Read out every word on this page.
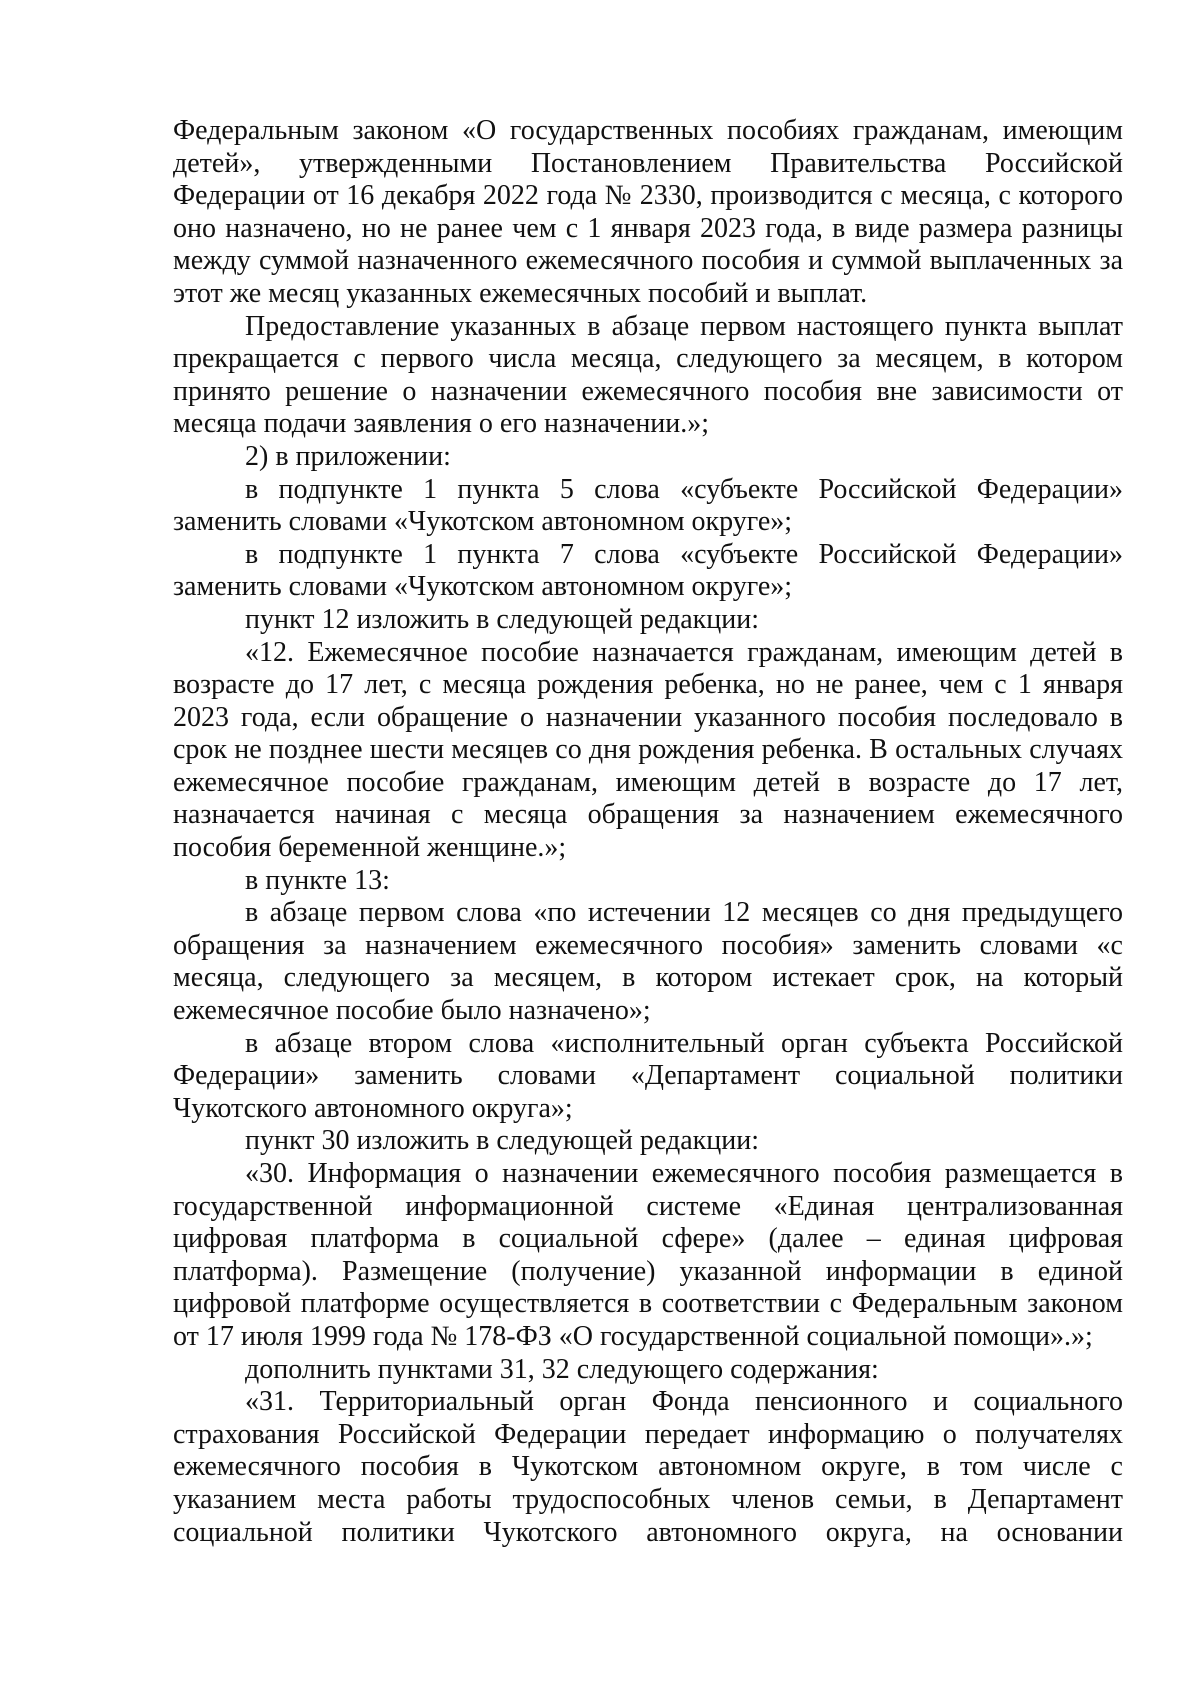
Федеральным законом «О государственных пособиях гражданам, имеющим детей», утвержденными Постановлением Правительства Российской Федерации от 16 декабря 2022 года № 2330, производится с месяца, с которого оно назначено, но не ранее чем с 1 января 2023 года, в виде размера разницы между суммой назначенного ежемесячного пособия и суммой выплаченных за этот же месяц указанных ежемесячных пособий и выплат.

Предоставление указанных в абзаце первом настоящего пункта выплат прекращается с первого числа месяца, следующего за месяцем, в котором принято решение о назначении ежемесячного пособия вне зависимости от месяца подачи заявления о его назначении.»;

2) в приложении:

в подпункте 1 пункта 5 слова «субъекте Российской Федерации» заменить словами «Чукотском автономном округе»;

в подпункте 1 пункта 7 слова «субъекте Российской Федерации» заменить словами «Чукотском автономном округе»;

пункт 12 изложить в следующей редакции:

«12. Ежемесячное пособие назначается гражданам, имеющим детей в возрасте до 17 лет, с месяца рождения ребенка, но не ранее, чем с 1 января 2023 года, если обращение о назначении указанного пособия последовало в срок не позднее шести месяцев со дня рождения ребенка. В остальных случаях ежемесячное пособие гражданам, имеющим детей в возрасте до 17 лет, назначается начиная с месяца обращения за назначением ежемесячного пособия беременной женщине.»;

в пункте 13:

в абзаце первом слова «по истечении 12 месяцев со дня предыдущего обращения за назначением ежемесячного пособия» заменить словами «с месяца, следующего за месяцем, в котором истекает срок, на который ежемесячное пособие было назначено»;

в абзаце втором слова «исполнительный орган субъекта Российской Федерации» заменить словами «Департамент социальной политики Чукотского автономного округа»;

пункт 30 изложить в следующей редакции:

«30. Информация о назначении ежемесячного пособия размещается в государственной информационной системе «Единая централизованная цифровая платформа в социальной сфере» (далее – единая цифровая платформа). Размещение (получение) указанной информации в единой цифровой платформе осуществляется в соответствии с Федеральным законом от 17 июля 1999 года № 178-ФЗ «О государственной социальной помощи».»;

дополнить пунктами 31, 32 следующего содержания:

«31. Территориальный орган Фонда пенсионного и социального страхования Российской Федерации передает информацию о получателях ежемесячного пособия в Чукотском автономном округе, в том числе с указанием места работы трудоспособных членов семьи, в Департамент социальной политики Чукотского автономного округа, на основании
